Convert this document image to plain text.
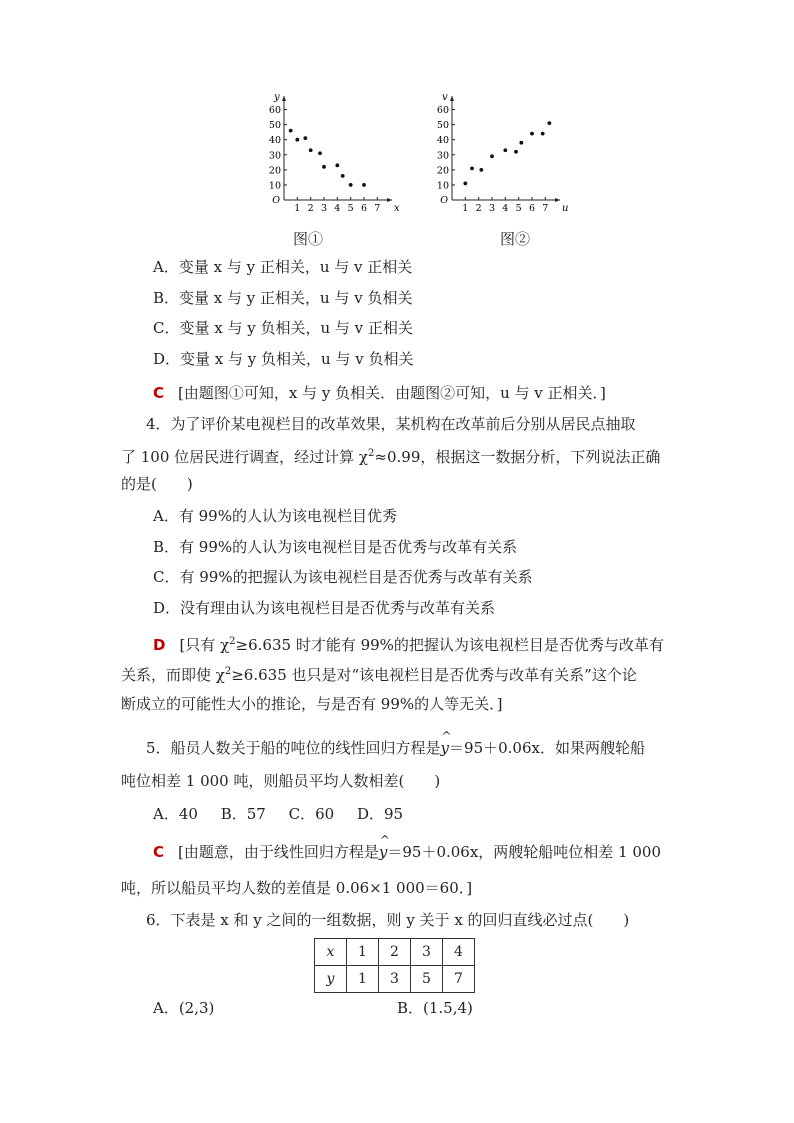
1 2 3 4 5 6 7
10
20
30
40
50
60
O
x
y
1 2 3 4 5 6 7
10
20
30
40
50
60
O
u
v
图①	图②
A．变量 x 与 y 正相关，u 与 v 正相关
B．变量 x 与 y 正相关，u 与 v 负相关
C．变量 x 与 y 负相关，u 与 v 正相关
D．变量 x 与 y 负相关，u 与 v 负相关
C [由题图①可知，x 与 y 负相关．由题图②可知，u 与 v 正相关．]
4．为了评价某电视栏目的改革效果，某机构在改革前后分别从居民点抽取
了 100 位居民进行调查，经过计算 $\chi^2\approx 0.99$，根据这一数据分析，下列说法正确
的是(　　)
A．有 99%的人认为该电视栏目优秀
B．有 99%的人认为该电视栏目是否优秀与改革有关系
C．有 99%的把握认为该电视栏目是否优秀与改革有关系
D．没有理由认为该电视栏目是否优秀与改革有关系
D [只有 $\chi^2\ge 6.635$ 时才能有 99%的把握认为该电视栏目是否优秀与改革有
关系，而即使 $\chi^2\ge 6.635$ 也只是对“该电视栏目是否优秀与改革有关系”这个论
断成立的可能性大小的推论，与是否有 99%的人等无关．]
5．船员人数关于船的吨位的线性回归方程是^ y＝95＋0.06x．如果两艘轮船
吨位相差 1 000 吨，则船员平均人数相差(　　)
A．40 B．57 C．60 D．95
C [由题意，由于线性回归方程是^ y＝95＋0.06x，两艘轮船吨位相差 1 000
吨，所以船员平均人数的差值是 0.06×1 000＝60．]
6．下表是 x 和 y 之间的一组数据，则 y 关于 x 的回归直线必过点(　　)
x	1	2	3	4
y	1	3	5	7
A．(2,3)	B．(1.5,4)
